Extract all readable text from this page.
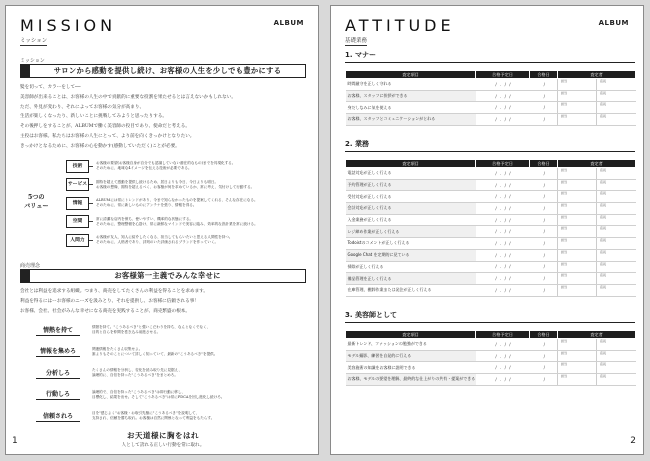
MISSION
ミッション
ALBUM
ミッション
サロンから感動を提供し続け、お客様の人生を少しでも豊かにする
髪を切って、カラーをして──
美容師が出来ることは、お客様の人生の中で貢献的に重要な役割を果たせるとは言えないかもしれない。
ただ、外見が変わり、それによってお客様の気分が高まり、
生活が楽しくなったり、新しいことに挑戦してみようと思ったりする。
その後押しをすることが、ALBUMで働く美容師の役目であり、使命だと考える。
主役はお客様。私たちはお客様の人生にとって、より前を向くきっかけとなりたい。
きっかけとなるために、お客様の心を動かす(感動していただく)ことが必要。
5つの
バリュー
技術	お客様の要望(お客様自身が自分でも認識していない潜在的なもの)までを具現化する。
そのために、地味な4イメージを伝える技術が必要である。
サービス	期待を超えて感動を提供し続けるため、居日よりも今日、今日よりも明日。
お客様の想像、期待を超えるべく、お客様が何を求めているか、常に考え、気付けして行動する。
情報	ALBUMには常にトレンドがあり、今まで知らなかったものを提案してくれる、そんな存在になる。
そのために、常に新しいものにアンテナを張り、情報を得る。
空間	常に清潔な店内を保ち、使いやすい、機率的な状態にする。
そのために、整理整頓を心掛け、常に新鮮なマインドで美容に臨み、効率的な設計業を常に続ける。
人間力	お客様が友人、知人に紹介したくなる、担当してもらいたいと思える人間性を持つ。
そのために、人格者であり、評判のいた評価されるブランドを作っていく。
商売理念
お客様第一主義でみんな幸せに
会社とは利益を追求する組織。つまり、商売をしてたくさんの利益を得ることを求めます。
利益を得るにはーお客様のニーズを汲みとり、それを提供し、お客様に信頼される事！
お客様、会社、社会がみんな幸せになる商売を実践することが、商売繁盛の根本。
情熱を持て	情熱を持て。"こうあるべき"と強いこだわりを持ち、なんとなくでなく、
目的と自らを仲間を巻き込み前進させる。
情報を集めろ	関連情報をたくさん収集せよ。
誰よりもそのことについて詳しく知っていて、最新の"こうあるべき"を提供。
分析しろ	たくさんの情報を分析し、変化を読み取り先に見据え、
論理的に、自信を持った"こうあるべき"をまとめろ。
行動しろ	論理的で、自信を持った"こうあるべき"は即行動に移し、
目標化し、結果を出せ。そして"こうあるべき"は常にPDCAを回し進化し続けろ。
信頼されろ	目を"感じよく"お客様・お取引先様に"こうあるべき"を説明して、
支持され、信頼を勝ち取れ。お客様は自然に関係となって利益をもたらす。
お天道様に胸をはれ
人として誇れる正しい行動を常に取れ。
1
ATTITUDE
基礎業務
ALBUM
1. マナー
査定項目	合格予定日	合格日	査定者	
時間厳守を正しく守れる	/ . / /	/	担当	店長
お客様、スタッフに挨拶ができる	/ . / /	/	担当	店長
身だしなみに気を使える	/ . / /	/	担当	店長
お客様、スタッフとコミュニケーションがとれる	/ . / /	/	担当	店長
2. 業務
査定項目	合格予定日	合格日	査定者	
電話対応が正しく行える	/ . / /	/	担当	店長
予約管理が正しく行える	/ . / /	/	担当	店長
受付対応が正しく行える	/ . / /	/	担当	店長
会計対応が正しく行える	/ . / /	/	担当	店長
入金業務が正しく行える	/ . / /	/	担当	店長
レジ締め作業が正しく行える	/ . / /	/	担当	店長
Todoistのコメントが正しく行える	/ . / /	/	担当	店長
Google Chat を定期的に見ている	/ . / /	/	担当	店長
掃除が正しく行える	/ . / /	/	担当	店長
備品管理を正しく行える	/ . / /	/	担当	店長
在庫管理、棚卸作業または発注が正しく行える	/ . / /	/	担当	店長
3. 美容師として
査定項目	合格予定日	合格日	査定者	
最新トレンド、ファッションの勉強ができる	/ . / /	/	担当	店長
モデル撮影、練習を自発的に行える	/ . / /	/	担当	店長
美容施術の知識をお客様に説明できる	/ . / /	/	担当	店長
お客様、モデルの要望を理解、最終的な仕上がりの共有・提案ができる	/ . / /	/	担当	店長
2
